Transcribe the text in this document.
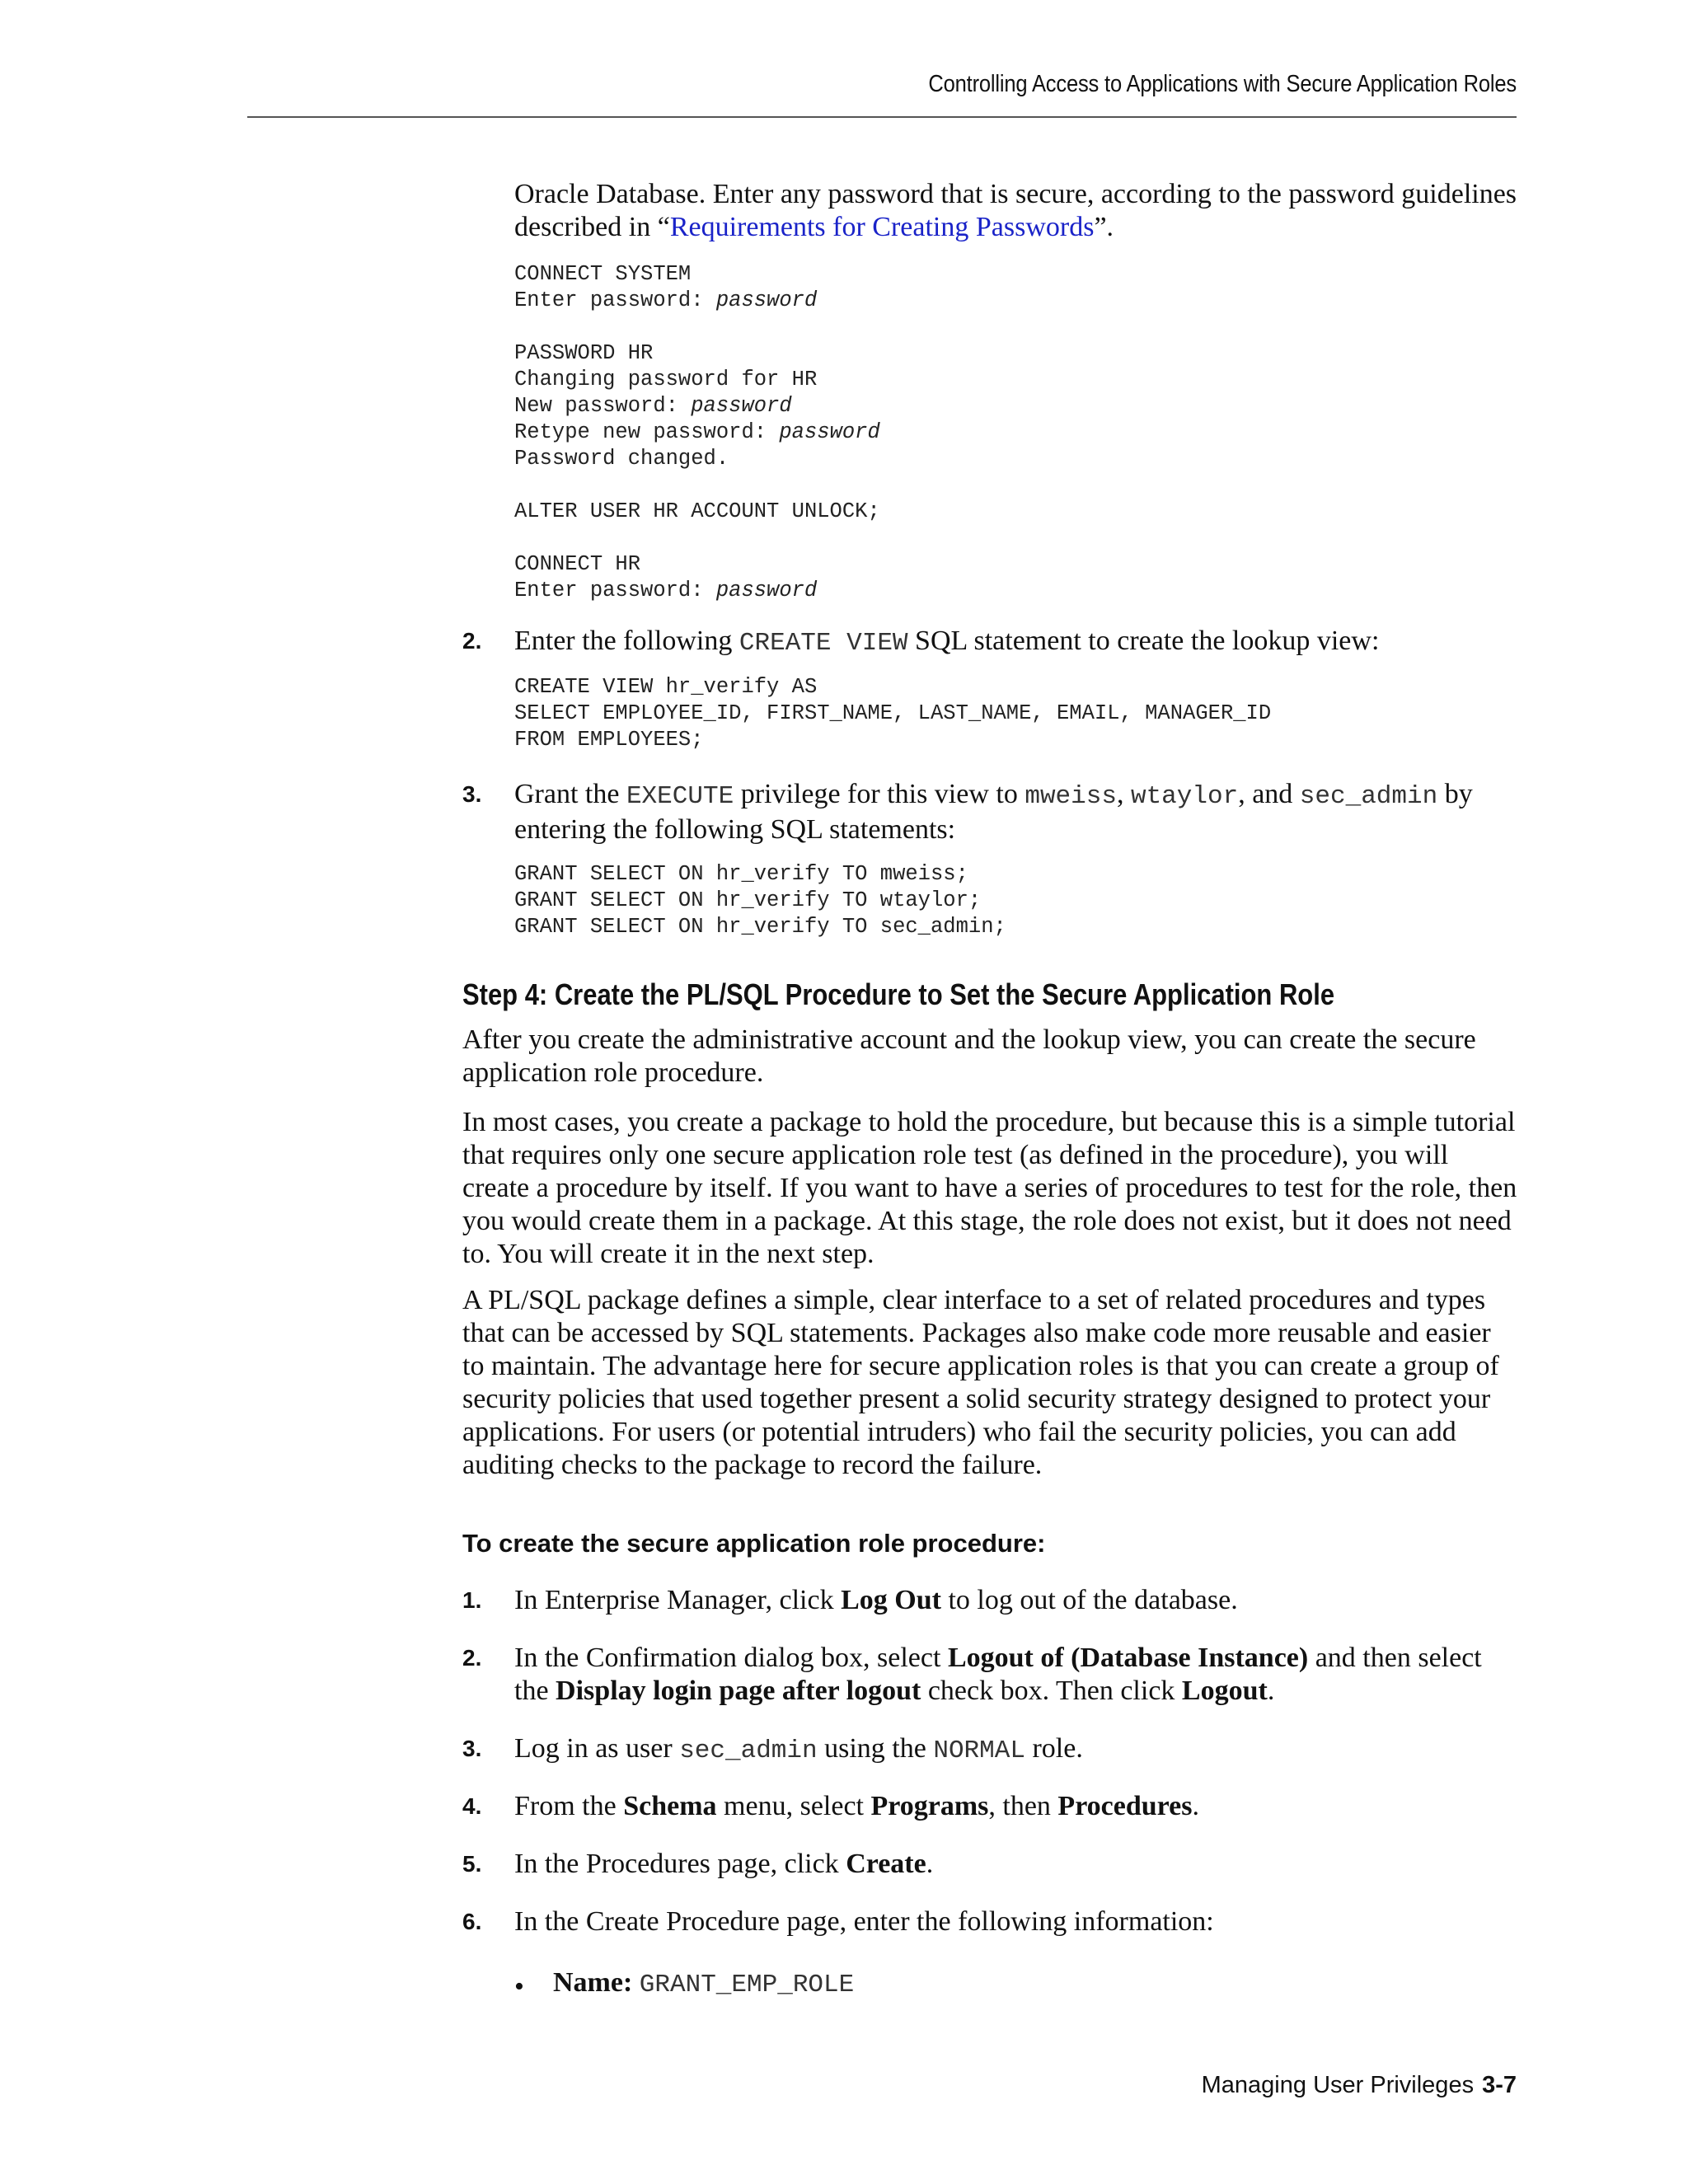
Controlling Access to Applications with Secure Application Roles

Oracle Database. Enter any password that is secure, according to the password guidelines described in “Requirements for Creating Passwords”.

CONNECT SYSTEM
Enter password: password

PASSWORD HR
Changing password for HR
New password: password
Retype new password: password
Password changed.

ALTER USER HR ACCOUNT UNLOCK;

CONNECT HR
Enter password: password
2. Enter the following CREATE VIEW SQL statement to create the lookup view:

CREATE VIEW hr_verify AS
SELECT EMPLOYEE_ID, FIRST_NAME, LAST_NAME, EMAIL, MANAGER_ID
FROM EMPLOYEES;
3. Grant the EXECUTE privilege for this view to mweiss, wtaylor, and sec_admin by entering the following SQL statements:

GRANT SELECT ON hr_verify TO mweiss;
GRANT SELECT ON hr_verify TO wtaylor;
GRANT SELECT ON hr_verify TO sec_admin;
Step 4: Create the PL/SQL Procedure to Set the Secure Application Role

After you create the administrative account and the lookup view, you can create the secure application role procedure.

In most cases, you create a package to hold the procedure, but because this is a simple tutorial that requires only one secure application role test (as defined in the procedure), you will create a procedure by itself. If you want to have a series of procedures to test for the role, then you would create them in a package. At this stage, the role does not exist, but it does not need to. You will create it in the next step.

A PL/SQL package defines a simple, clear interface to a set of related procedures and types that can be accessed by SQL statements. Packages also make code more reusable and easier to maintain. The advantage here for secure application roles is that you can create a group of security policies that used together present a solid security strategy designed to protect your applications. For users (or potential intruders) who fail the security policies, you can add auditing checks to the package to record the failure.

To create the secure application role procedure:
1. In Enterprise Manager, click Log Out to log out of the database.

2. In the Confirmation dialog box, select Logout of (Database Instance) and then select the Display login page after logout check box. Then click Logout.

3. Log in as user sec_admin using the NORMAL role.

4. From the Schema menu, select Programs, then Procedures.

5. In the Procedures page, click Create.

6. In the Create Procedure page, enter the following information:

• Name: GRANT_EMP_ROLE

Managing User Privileges 3-7
